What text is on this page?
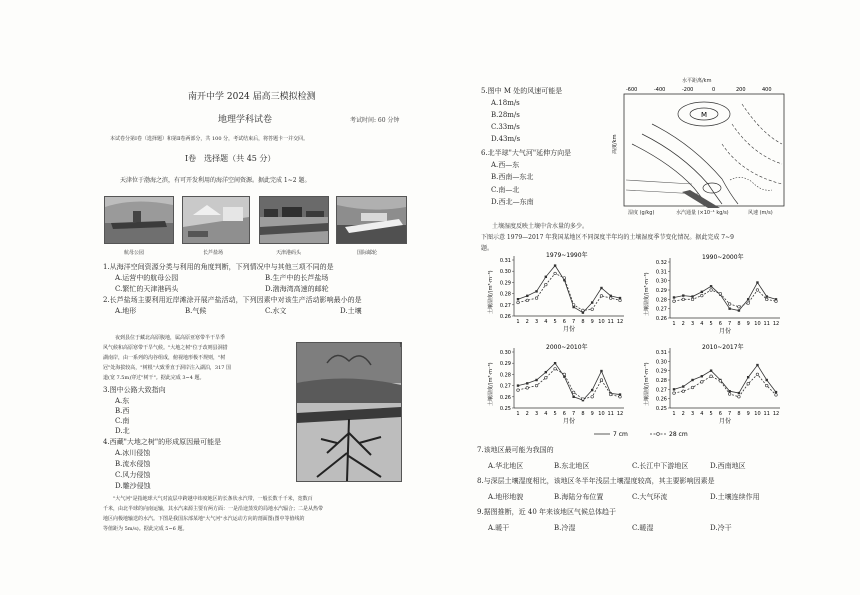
南开中学 2024 届高三模拟检测
地理学科试卷	考试时间: 60 分钟
本试卷分第Ⅰ卷（选择题）和第Ⅱ卷两部分，共 100 分，考试结束后，将答题卡一并交回。
Ⅰ卷　选择题（共 45 分）
天津位于渤海之滨，有可开发利用的海洋空间资源。据此完成 1~2 题。
航母公园	长芦盐场	天津港码头	国际邮轮
1.从海洋空间资源分类与利用的角度判断，下列情况中与其他三项不同的是
A.运营中的航母公园	B.生产中的长芦盐场
C.繁忙的天津港码头	D.渤海湾高速的邮轮
2.长芦盐场主要利用近岸滩涂开展产盐活动，下列因素中对该生产活动影响最小的是
A.地形	B.气候	C.水文	D.土壤
夜到县位于藏北高原腹地，属高原亚寒带半干旱季
风气候和高原寒带干旱气候。"大地之树"位于改则县洞措
湖南岸，由一系列的沟谷组成，俯视地形极不规则，"树
冠"处海拔较高，"树根"大致垂直于洞岸注入湖泊，317 国
道(宽 7.5m)穿过"树干"。据此完成 3~4 题。
↑
3.图中公路大致指向
A.东
B.西
C.南
D.北
4.西藏"大地之树"的形成原因最可能是
A.冰川侵蚀
B.流水侵蚀
C.风力侵蚀
D.雕沙侵蚀
"大气河"是指地球大气对流层中跨越中纬度地区的长条状水汽带，一般长数千千米，宽数百
千米，由北半球的向南运输，其水汽来源主要有两方面：一是沿途蒸发的局地水汽辐合；二是从热带
地区向极地输送的水汽。下图是我国东部某地"大气河"水汽运动方向的剖面图(图中等值线的
等值距为 5m/s)。据此完成 5~6 题。
5.图中 M 处的风速可能是
A.18m/s
B.28m/s
C.33m/s
D.43m/s
6.北半球"大气河"延伸方向是
A.西—东
B.西南—东北
C.南—北
D.西北—东南
水平距离/km
-600	-400	-200	0	200	400
高度/km
M
湿度 (g/kg)	水汽通量 (×10⁻¹ kg/s)	风速 (m/s)
土壤湿度反映土壤中含水量的多少。
下图示意 1979—2017 年我国某地区不同深度半年均的土壤湿度季节变化情况。据此完成 7~9
题。
1979~1990年
0.31
0.30
0.29
0.28
0.27
0.26
1 2 3 4 5 6 7 8 9 10 11 12
月份
土壤湿度/(m³·m⁻³)
1990~2000年
0.32
0.31
0.30
0.29
0.28
0.27
0.26
1 2 3 4 5 6 7 8 9 10 11 12
月份
土壤湿度/(m³·m⁻³)
2000~2010年
0.30
0.29
0.28
0.27
0.26
0.25
1 2 3 4 5 6 7 8 9 10 11 12
月份
土壤湿度/(m³·m⁻³)
2010~2017年
0.31
0.30
0.29
0.28
0.27
0.26
0.25
1 2 3 4 5 6 7 8 9 10 11 12
月份
土壤湿度/(m³·m⁻³)
7 cm	28 cm
7.该地区最可能为我国的
A.华北地区	B.东北地区	C.长江中下游地区	D.西南地区
8.与深层土壤湿度相比，该地区冬半年浅层土壤湿度较高，其主要影响因素是
A.地形地貌	B.海陆分布位置	C.大气环流	D.土壤连续作用
9.据图推断，近 40 年来该地区气候总体趋于
A.暖干	B.冷湿	C.暖湿	D.冷干
